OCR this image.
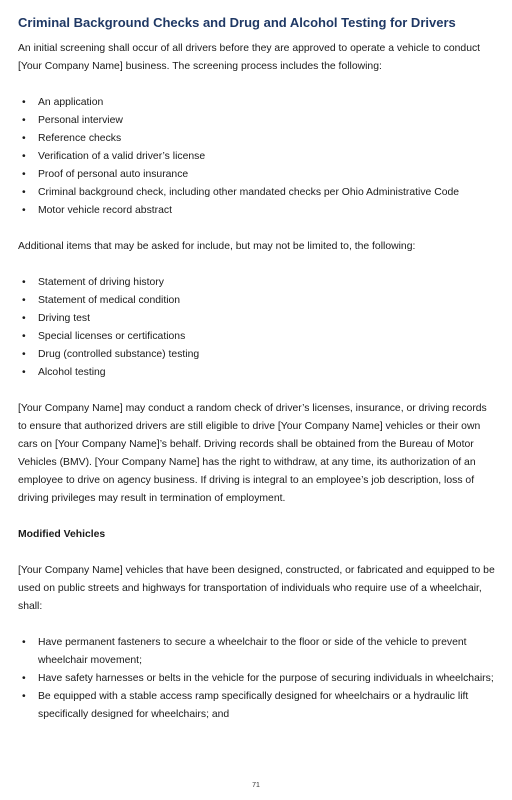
Criminal Background Checks and Drug and Alcohol Testing for Drivers

An initial screening shall occur of all drivers before they are approved to operate a vehicle to conduct [Your Company Name] business. The screening process includes the following:

• An application
• Personal interview
• Reference checks
• Verification of a valid driver’s license
• Proof of personal auto insurance
• Criminal background check, including other mandated checks per Ohio Administrative Code
• Motor vehicle record abstract

Additional items that may be asked for include, but may not be limited to, the following:

• Statement of driving history
• Statement of medical condition
• Driving test
• Special licenses or certifications
• Drug (controlled substance) testing
• Alcohol testing

[Your Company Name] may conduct a random check of driver’s licenses, insurance, or driving records to ensure that authorized drivers are still eligible to drive [Your Company Name] vehicles or their own cars on [Your Company Name]’s behalf. Driving records shall be obtained from the Bureau of Motor Vehicles (BMV). [Your Company Name] has the right to withdraw, at any time, its authorization of an employee to drive on agency business. If driving is integral to an employee’s job description, loss of driving privileges may result in termination of employment.

Modified Vehicles

[Your Company Name] vehicles that have been designed, constructed, or fabricated and equipped to be used on public streets and highways for transportation of individuals who require use of a wheelchair, shall:

• Have permanent fasteners to secure a wheelchair to the floor or side of the vehicle to prevent wheelchair movement;
• Have safety harnesses or belts in the vehicle for the purpose of securing individuals in wheelchairs;
• Be equipped with a stable access ramp specifically designed for wheelchairs or a hydraulic lift specifically designed for wheelchairs; and
71
